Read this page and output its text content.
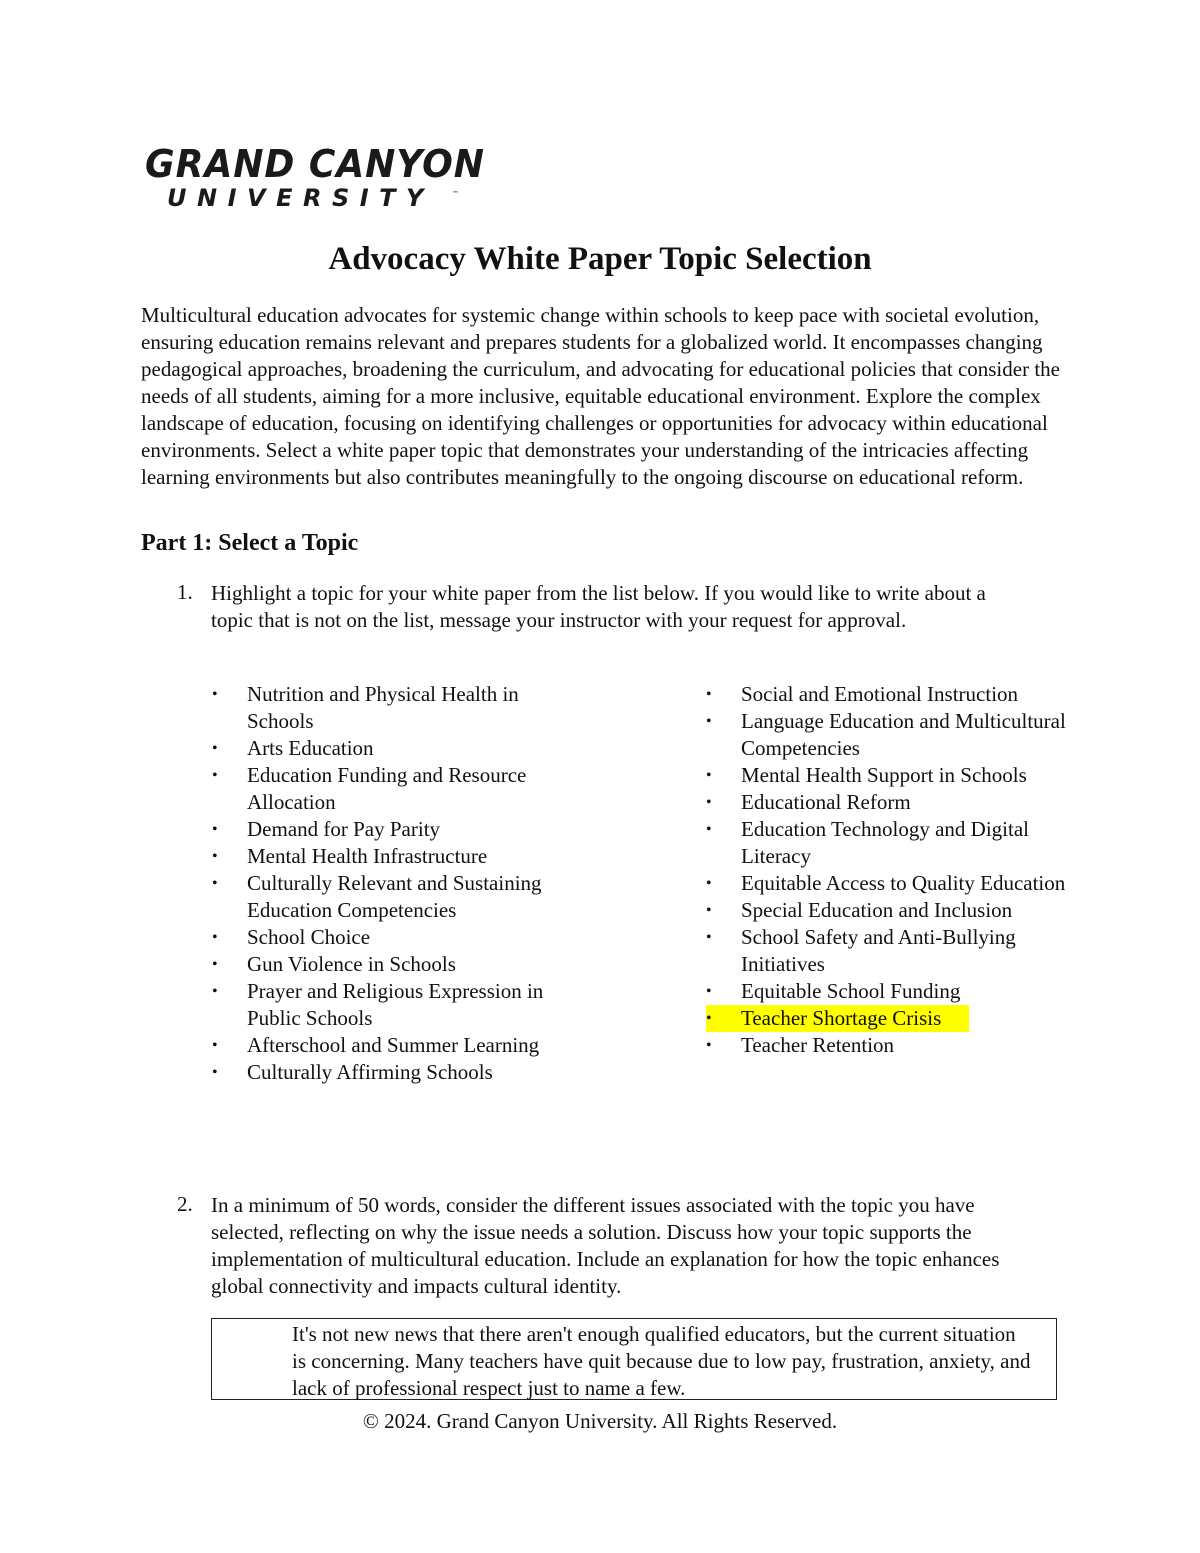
GRAND CANYON
UNIVERSITY	™
Advocacy White Paper Topic Selection

Multicultural education advocates for systemic change within schools to keep pace with societal evolution, ensuring education remains relevant and prepares students for a globalized world. It encompasses changing pedagogical approaches, broadening the curriculum, and advocating for educational policies that consider the needs of all students, aiming for a more inclusive, equitable educational environment. Explore the complex landscape of education, focusing on identifying challenges or opportunities for advocacy within educational environments. Select a white paper topic that demonstrates your understanding of the intricacies affecting learning environments but also contributes meaningfully to the ongoing discourse on educational reform.

Part 1: Select a Topic
1. Highlight a topic for your white paper from the list below. If you would like to write about a topic that is not on the list, message your instructor with your request for approval.

• Nutrition and Physical Health in Schools
• Arts Education
• Education Funding and Resource Allocation
• Demand for Pay Parity
• Mental Health Infrastructure
• Culturally Relevant and Sustaining Education Competencies
• School Choice
• Gun Violence in Schools
• Prayer and Religious Expression in Public Schools
• Afterschool and Summer Learning
• Culturally Affirming Schools
• Social and Emotional Instruction
• Language Education and Multicultural Competencies
• Mental Health Support in Schools
• Educational Reform
• Education Technology and Digital Literacy
• Equitable Access to Quality Education
• Special Education and Inclusion
• School Safety and Anti-Bullying Initiatives
• Equitable School Funding
• Teacher Shortage Crisis
• Teacher Retention
2. In a minimum of 50 words, consider the different issues associated with the topic you have selected, reflecting on why the issue needs a solution. Discuss how your topic supports the implementation of multicultural education. Include an explanation for how the topic enhances global connectivity and impacts cultural identity.

It's not new news that there aren't enough qualified educators, but the current situation is concerning. Many teachers have quit because due to low pay, frustration, anxiety, and lack of professional respect just to name a few.

© 2024. Grand Canyon University. All Rights Reserved.
